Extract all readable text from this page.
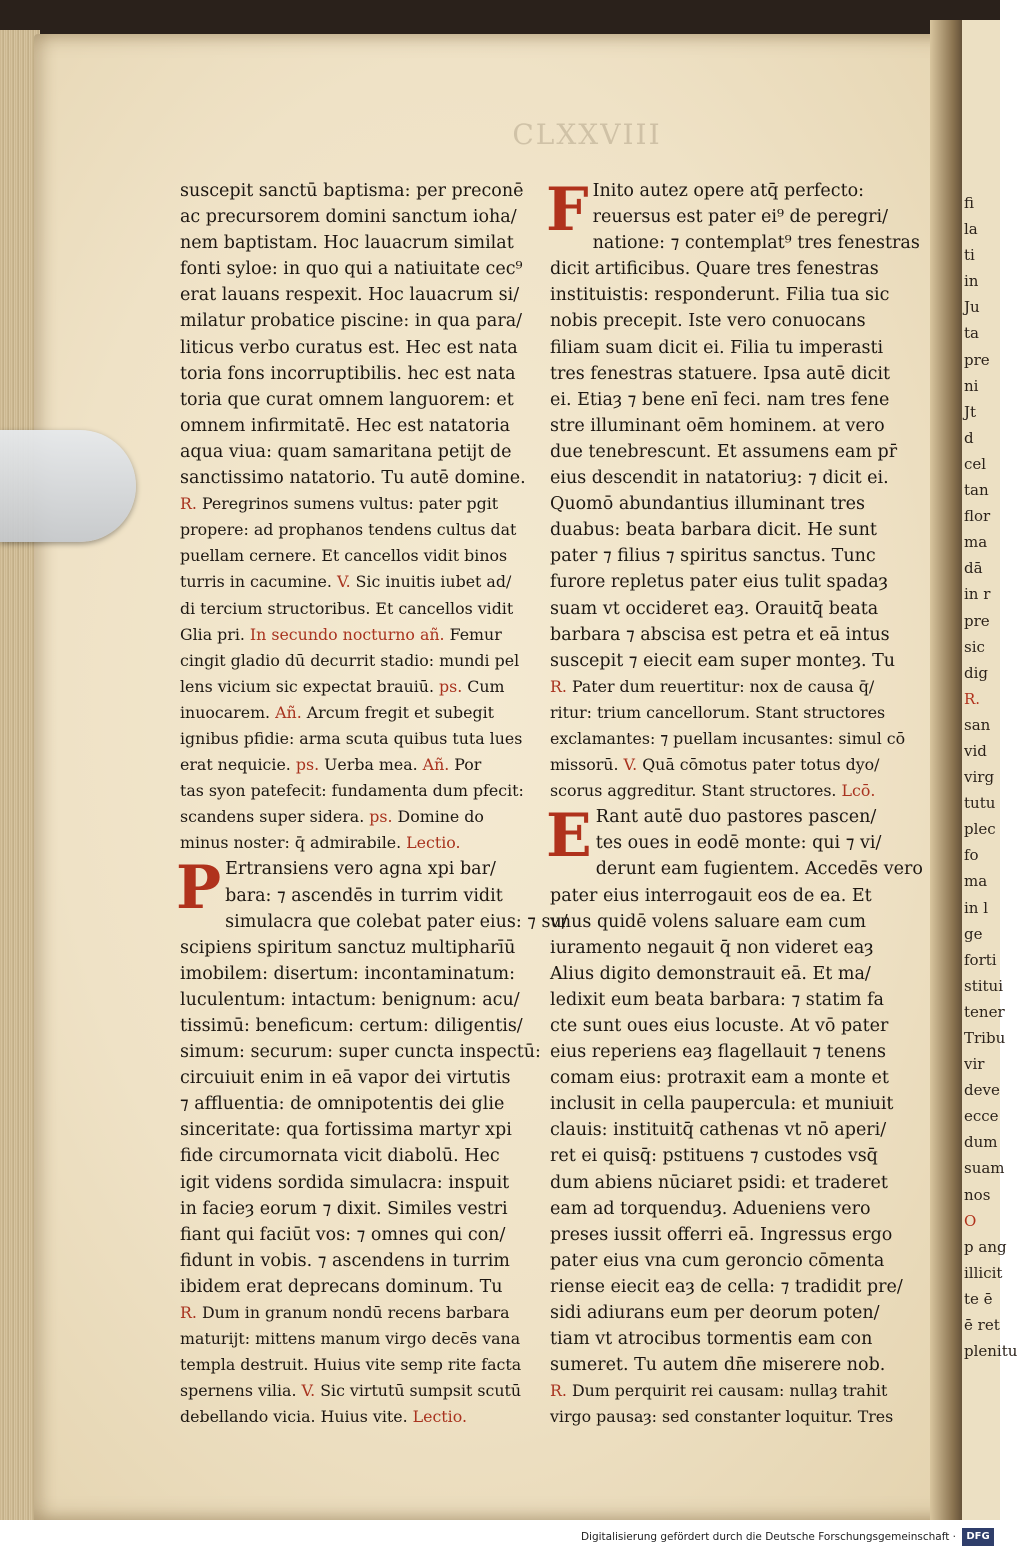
fi
la
ti
in
Ju
ta
pre
ni
Jt
d
cel
tan
flor
ma
dā
in r
pre
sic
dig
R.
san
vid
virg
tutu
plec
fo
ma
in l
ge
forti
stitui
tener
Tribu
vir
deve
ecce
dum
suam
nos
O
p ang
illicit
te ē
ē ret
plenitu
CLXXVIII
suscepit sanctū baptisma: per preconē
ac precursorem domini sanctum ioha/
nem baptistam. Hoc lauacrum similat
fonti syloe: in quo qui a natiuitate cec⁹
erat lauans respexit. Hoc lauacrum si/
milatur probatice piscine: in qua para/
liticus verbo curatus est. Hec est nata
toria fons incorruptibilis. hec est nata
toria que curat omnem languorem: et
omnem infirmitatē. Hec est natatoria
aqua viua: quam samaritana petijt de
sanctissimo natatorio. Tu autē domine.
R. Peregrinos sumens vultus: pater pgit
propere: ad prophanos tendens cultus dat
puellam cernere. Et cancellos vidit binos
turris in cacumine. V. Sic inuitis iubet ad/
di tercium structoribus. Et cancellos vidit
Glia pri. In secundo nocturno añ. Femur
cingit gladio dū decurrit stadio: mundi pel
lens vicium sic expectat brauiū. ps. Cum
inuocarem. Añ. Arcum fregit et subegit
ignibus pfidie: arma scuta quibus tuta lues
erat nequicie. ps. Uerba mea. Añ. Por
tas syon patefecit: fundamenta dum pfecit:
scandens super sidera. ps. Domine do
minus noster: q̄ admirabile. Lectio.
P Ertransiens vero agna xpi bar/
bara: ⁊ ascendēs in turrim vidit
simulacra que colebat pater eius: ⁊ su/
scipiens spiritum sanctuz multipharīū
imobilem: disertum: incontaminatum:
luculentum: intactum: benignum: acu/
tissimū: beneficum: certum: diligentis/
simum: securum: super cuncta inspectū:
circuiuit enim in eā vapor dei virtutis
⁊ affluentia: de omnipotentis dei glie
sinceritate: qua fortissima martyr xpi
fide circumornata vicit diabolū. Hec
igit videns sordida simulacra: inspuit
in facieȝ eorum ⁊ dixit. Similes vestri
fiant qui faciūt vos: ⁊ omnes qui con/
fidunt in vobis. ⁊ ascendens in turrim
ibidem erat deprecans dominum. Tu
R. Dum in granum nondū recens barbara
maturijt: mittens manum virgo decēs vana
templa destruit. Huius vite semp rite facta
spernens vilia. V. Sic virtutū sumpsit scutū
debellando vicia. Huius vite. Lectio.
F Inito autez opere atq̄ perfecto:
reuersus est pater ei⁹ de peregri/
natione: ⁊ contemplat⁹ tres fenestras
dicit artificibus. Quare tres fenestras
instituistis: responderunt. Filia tua sic
nobis precepit. Iste vero conuocans
filiam suam dicit ei. Filia tu imperasti
tres fenestras statuere. Ipsa autē dicit
ei. Etiaȝ ⁊ bene enī feci. nam tres fene
stre illuminant oēm hominem. at vero
due tenebrescunt. Et assumens eam pr̄
eius descendit in natatoriuȝ: ⁊ dicit ei.
Quomō abundantius illuminant tres
duabus: beata barbara dicit. He sunt
pater ⁊ filius ⁊ spiritus sanctus. Tunc
furore repletus pater eius tulit spadaȝ
suam vt occideret eaȝ. Orauitq̄ beata
barbara ⁊ abscisa est petra et eā intus
suscepit ⁊ eiecit eam super monteȝ. Tu
R. Pater dum reuertitur: nox de causa q̄/
ritur: trium cancellorum. Stant structores
exclamantes: ⁊ puellam incusantes: simul cō
missorū. V. Quā cōmotus pater totus dyo/
scorus aggreditur. Stant structores. Lcō.
E Rant autē duo pastores pascen/
tes oues in eodē monte: qui ⁊ vi/
derunt eam fugientem. Accedēs vero
pater eius interrogauit eos de ea. Et
vnus quidē volens saluare eam cum
iuramento negauit q̄ non videret eaȝ
Alius digito demonstrauit eā. Et ma/
ledixit eum beata barbara: ⁊ statim fa
cte sunt oues eius locuste. At vō pater
eius reperiens eaȝ flagellauit ⁊ tenens
comam eius: protraxit eam a monte et
inclusit in cella paupercula: et muniuit
clauis: instituitq̄ cathenas vt nō aperi/
ret ei quisq̄: pstituens ⁊ custodes vsq̄
dum abiens nūciaret psidi: et traderet
eam ad torquenduȝ. Adueniens vero
preses iussit offerri eā. Ingressus ergo
pater eius vna cum geroncio cōmenta
riense eiecit eaȝ de cella: ⁊ tradidit pre/
sidi adiurans eum per deorum poten/
tiam vt atrocibus tormentis eam con
sumeret. Tu autem dn̄e miserere nob.
R. Dum perquirit rei causam: nullaȝ trahit
virgo pausaȝ: sed constanter loquitur. Tres
Digitalisierung gefördert durch die Deutsche Forschungsgemeinschaft ·	DFG
